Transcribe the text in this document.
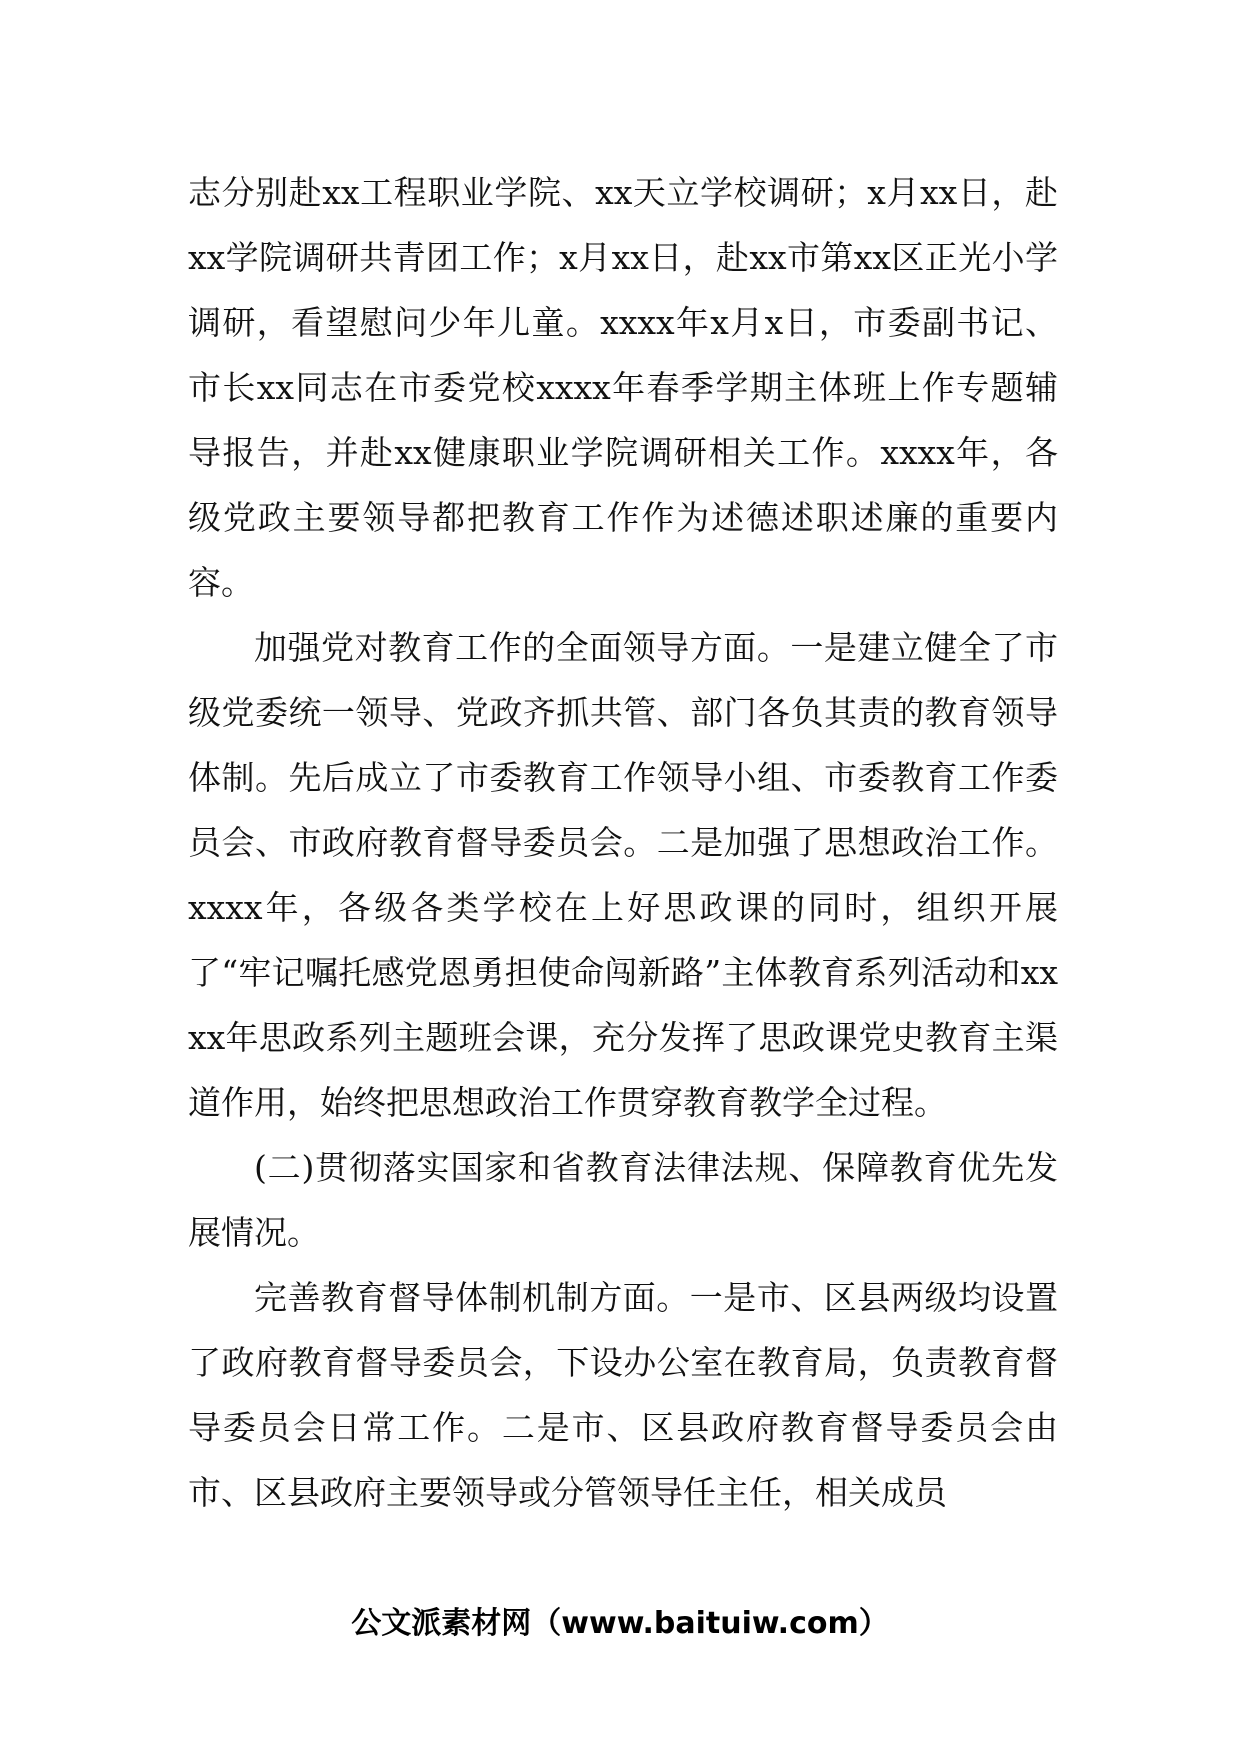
志分别赴xx工程职业学院、xx天立学校调研；x月xx日，赴xx学院调研共青团工作；x月xx日，赴xx市第xx区正光小学调研，看望慰问少年儿童。xxxx年x月x日，市委副书记、市长xx同志在市委党校xxxx年春季学期主体班上作专题辅导报告，并赴xx健康职业学院调研相关工作。xxxx年，各级党政主要领导都把教育工作作为述德述职述廉的重要内容。

加强党对教育工作的全面领导方面。一是建立健全了市级党委统一领导、党政齐抓共管、部门各负其责的教育领导体制。先后成立了市委教育工作领导小组、市委教育工作委员会、市政府教育督导委员会。二是加强了思想政治工作。xxxx年，各级各类学校在上好思政课的同时，组织开展了“牢记嘱托感党恩勇担使命闯新路”主体教育系列活动和xxxx年思政系列主题班会课，充分发挥了思政课党史教育主渠道作用，始终把思想政治工作贯穿教育教学全过程。

(二)贯彻落实国家和省教育法律法规、保障教育优先发展情况。

完善教育督导体制机制方面。一是市、区县两级均设置了政府教育督导委员会，下设办公室在教育局，负责教育督导委员会日常工作。二是市、区县政府教育督导委员会由市、区县政府主要领导或分管领导任主任，相关成员

公文派素材网（www.baituiw.com）
